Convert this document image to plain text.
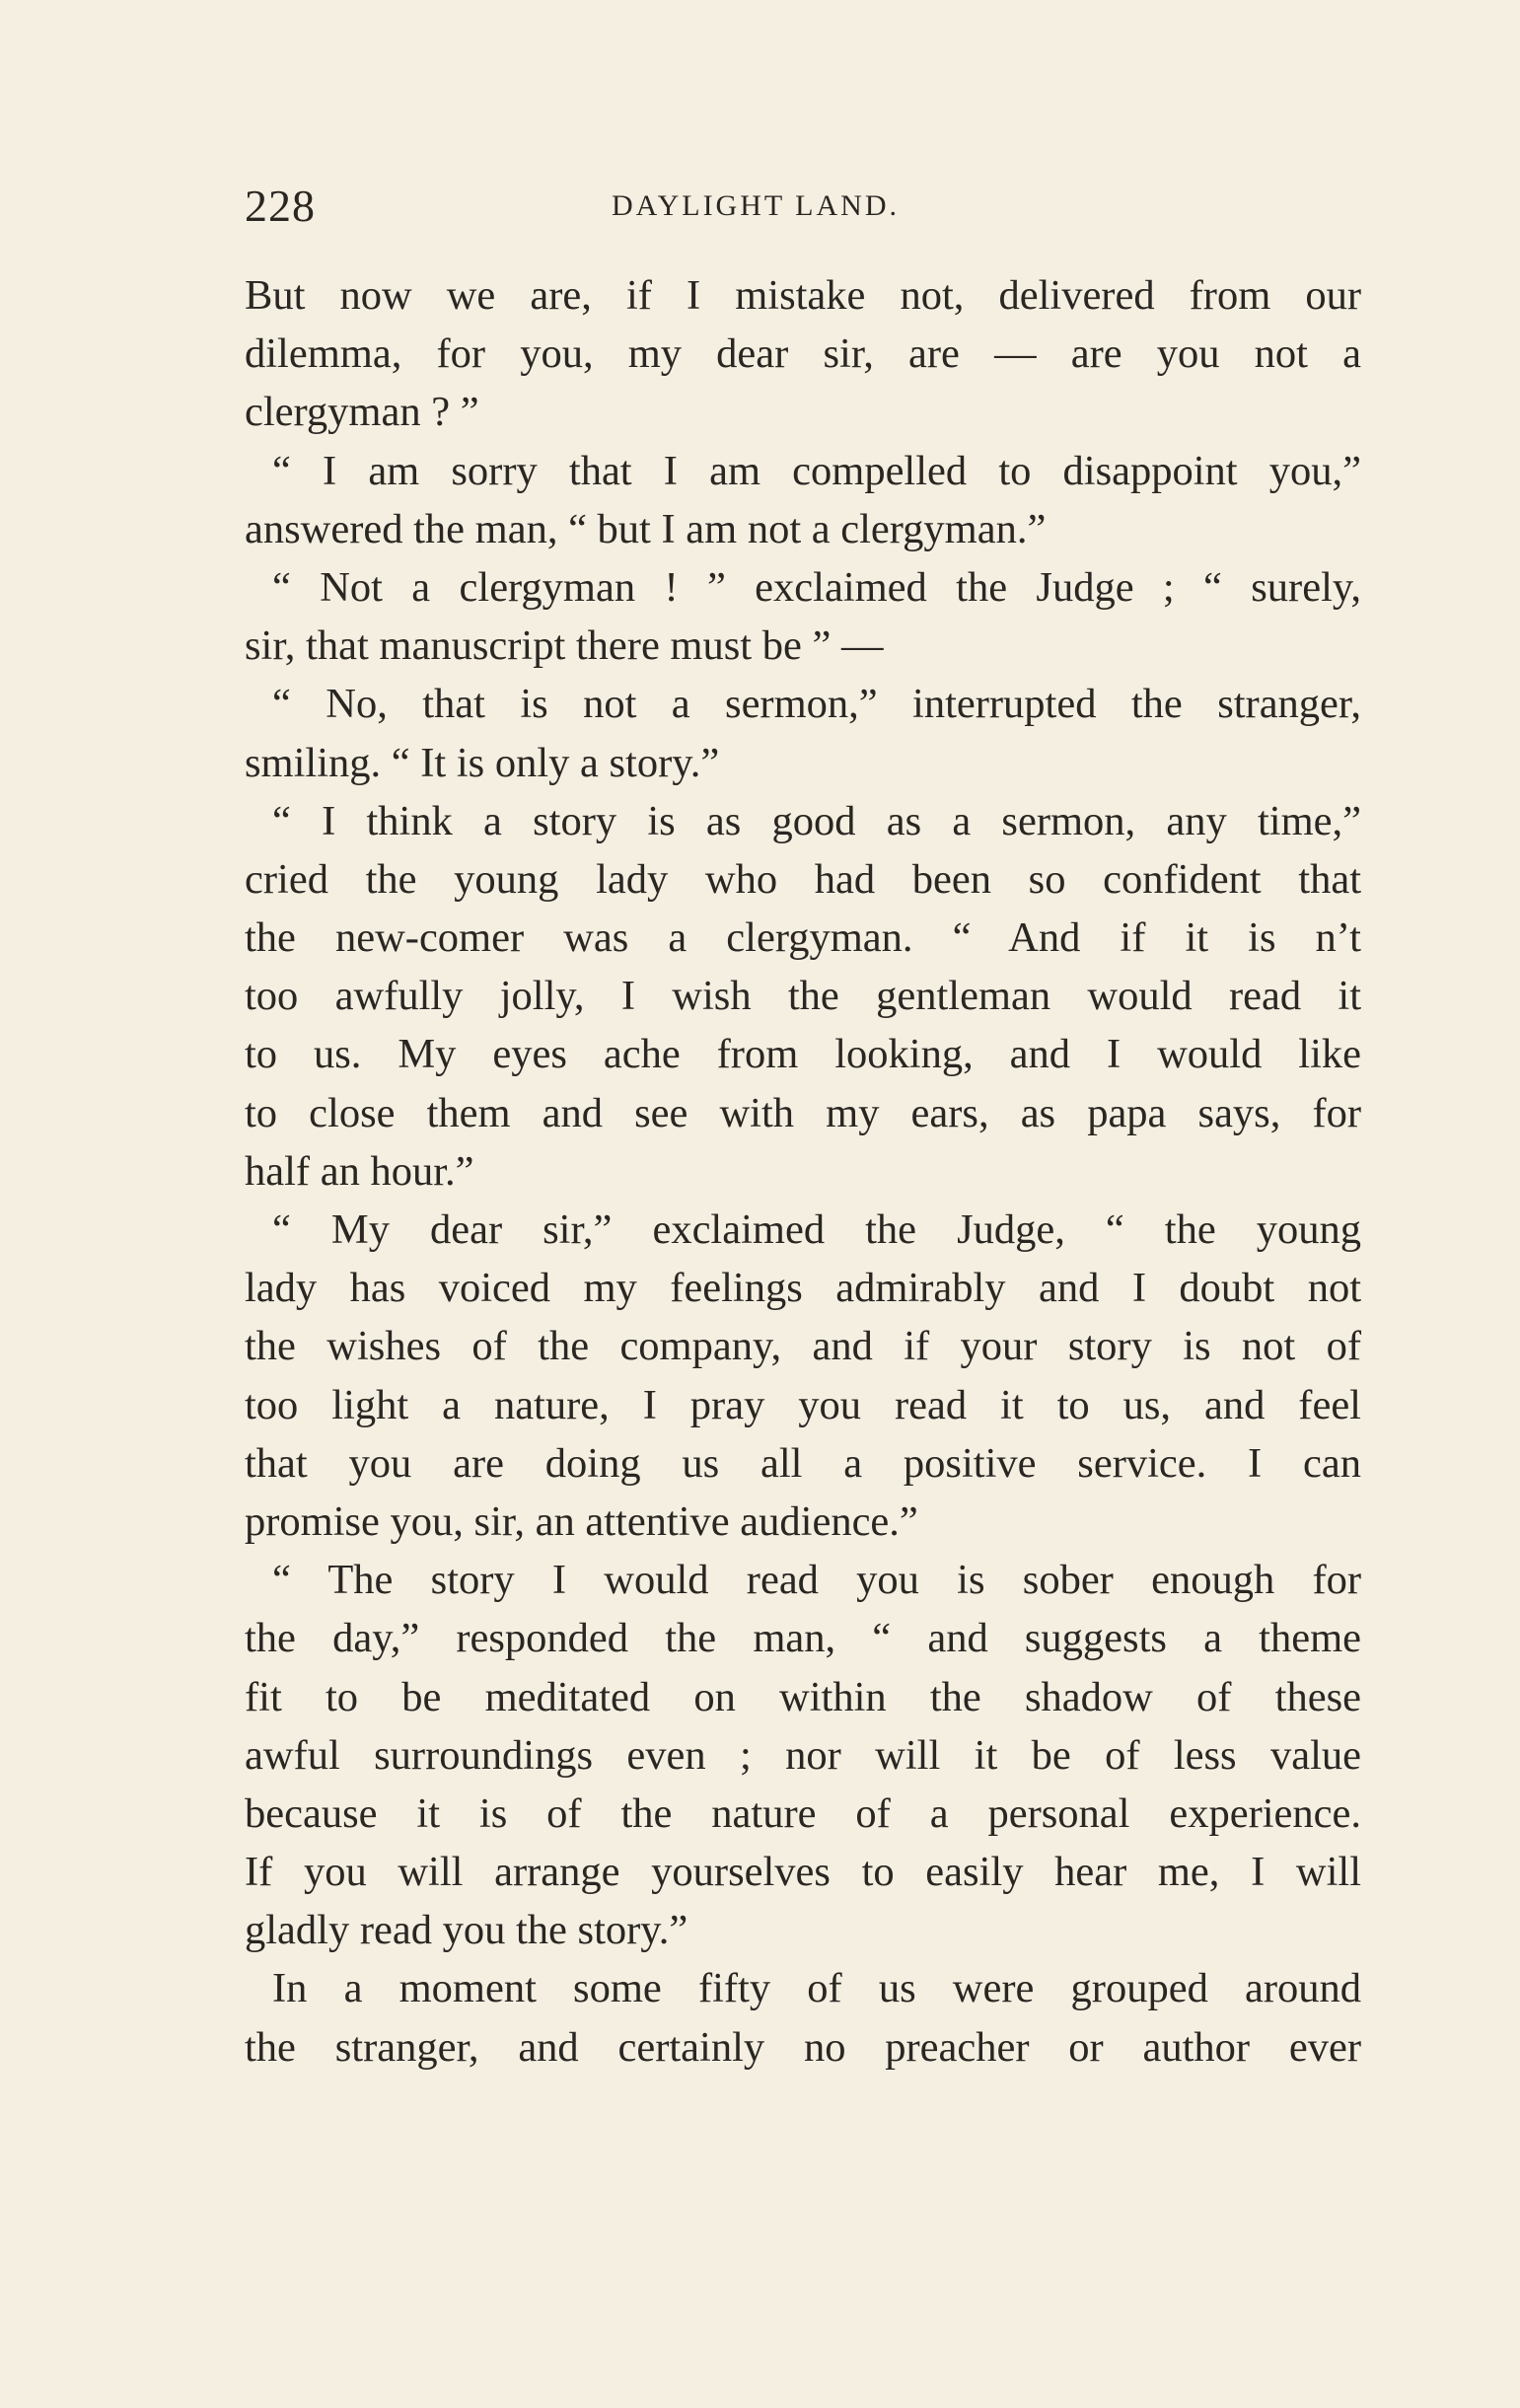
228	DAYLIGHT LAND.
But now we are, if I mistake not, delivered from our
dilemma, for you, my dear sir, are — are you not a
clergyman ? ”
“ I am sorry that I am compelled to disappoint you,”
answered the man, “ but I am not a clergyman.”
“ Not a clergyman ! ” exclaimed the Judge ; “ surely,
sir, that manuscript there must be ” —
“ No, that is not a sermon,” interrupted the stranger,
smiling. “ It is only a story.”
“ I think a story is as good as a sermon, any time,”
cried the young lady who had been so confident that
the new-comer was a clergyman. “ And if it is n’t
too awfully jolly, I wish the gentleman would read it
to us. My eyes ache from looking, and I would like
to close them and see with my ears, as papa says, for
half an hour.”
“ My dear sir,” exclaimed the Judge, “ the young
lady has voiced my feelings admirably and I doubt not
the wishes of the company, and if your story is not of
too light a nature, I pray you read it to us, and feel
that you are doing us all a positive service. I can
promise you, sir, an attentive audience.”
“ The story I would read you is sober enough for
the day,” responded the man, “ and suggests a theme
fit to be meditated on within the shadow of these
awful surroundings even ; nor will it be of less value
because it is of the nature of a personal experience.
If you will arrange yourselves to easily hear me, I will
gladly read you the story.”
In a moment some fifty of us were grouped around
the stranger, and certainly no preacher or author ever
